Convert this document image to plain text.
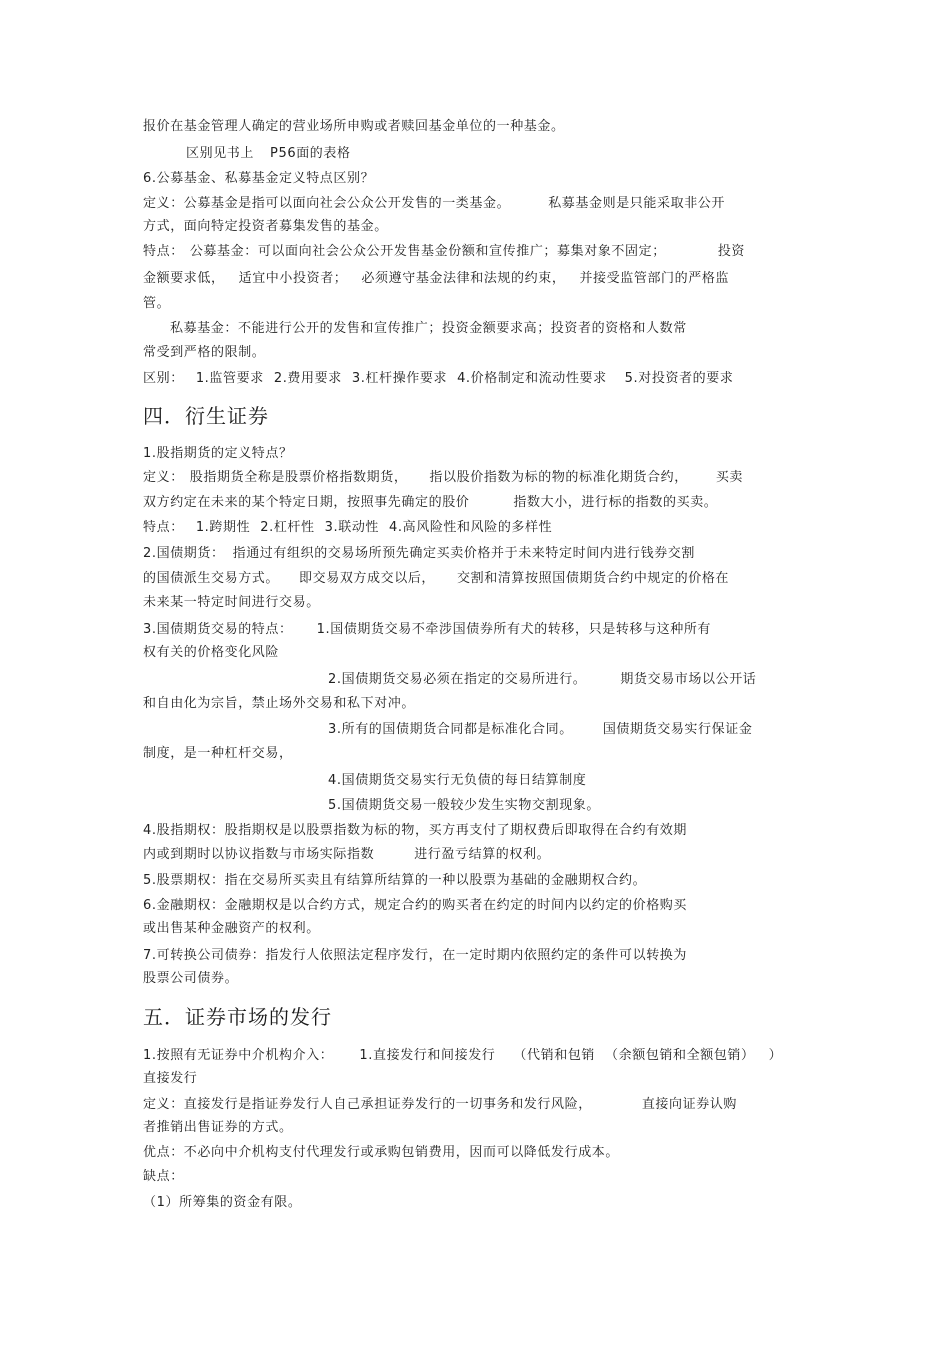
报价在基金管理人确定的营业场所申购或者赎回基金单位的一种基金。

区别见书上 P56面的表格

6.公募基金、私募基金定义特点区别？

定义：公募基金是指可以面向社会公众公开发售的一类基金。	私募基金则是只能采取非公开

方式，面向特定投资者募集发售的基金。

特点： 公募基金：可以面向社会公众公开发售基金份额和宣传推广；募集对象不固定；	投资

金额要求低， 适宜中小投资者； 必须遵守基金法律和法规的约束， 并接受监管部门的严格监

管。

私募基金：不能进行公开的发售和宣传推广；投资金额要求高；投资者的资格和人数常

常受到严格的限制。

区别： 1.监管要求 2.费用要求 3.杠杆操作要求 4.价格制定和流动性要求 5.对投资者的要求

四．衍生证券

1.股指期货的定义特点？

定义： 股指期货全称是股票价格指数期货， 指以股价指数为标的物的标准化期货合约， 买卖

双方约定在未来的某个特定日期，按照事先确定的股价	指数大小，进行标的指数的买卖。

特点： 1.跨期性 2.杠杆性 3.联动性 4.高风险性和风险的多样性

2.国债期货： 指通过有组织的交易场所预先确定买卖价格并于未来特定时间内进行钱券交割

的国债派生交易方式。 即交易双方成交以后， 交割和清算按照国债期货合约中规定的价格在

未来某一特定时间进行交易。

3.国债期货交易的特点： 1.国债期货交易不牵涉国债券所有犬的转移，只是转移与这种所有

权有关的价格变化风险

2.国债期货交易必须在指定的交易所进行。	期货交易市场以公开话

和自由化为宗旨，禁止场外交易和私下对冲。

3.所有的国债期货合同都是标准化合同。 国债期货交易实行保证金

制度，是一种杠杆交易，

4.国债期货交易实行无负债的每日结算制度

5.国债期货交易一般较少发生实物交割现象。

4.股指期权：股指期权是以股票指数为标的物，买方再支付了期权费后即取得在合约有效期

内或到期时以协议指数与市场实际指数	进行盈亏结算的权利。

5.股票期权：指在交易所买卖且有结算所结算的一种以股票为基础的金融期权合约。

6.金融期权：金融期权是以合约方式，规定合约的购买者在约定的时间内以约定的价格购买

或出售某种金融资产的权利。

7.可转换公司债券：指发行人依照法定程序发行，在一定时期内依照约定的条件可以转换为

股票公司债券。

五．证券市场的发行

1.按照有无证券中介机构介入： 1.直接发行和间接发行 （代销和包销 （余额包销和全额包销） ）

直接发行

定义：直接发行是指证券发行人自己承担证券发行的一切事务和发行风险，	直接向证券认购

者推销出售证券的方式。

优点：不必向中介机构支付代理发行或承购包销费用，因而可以降低发行成本。

缺点：

（1）所筹集的资金有限。
